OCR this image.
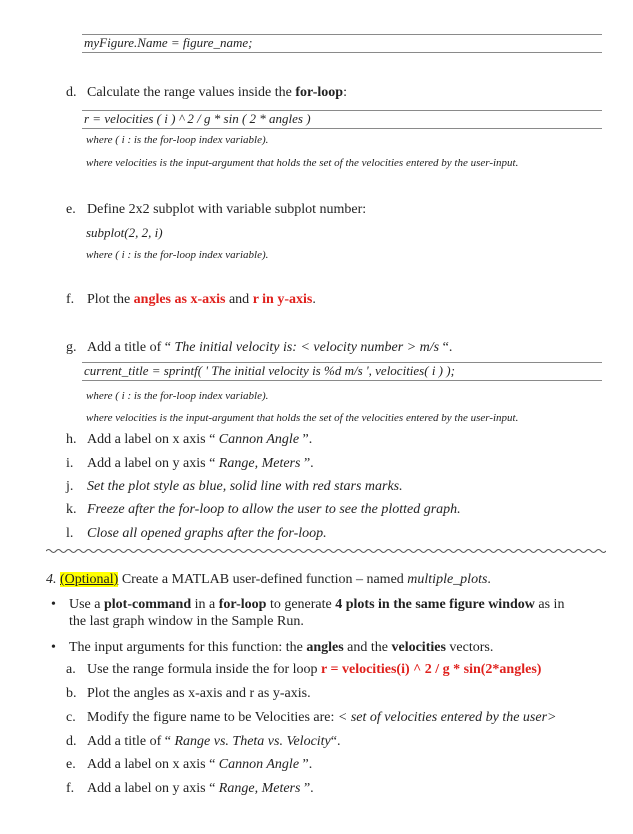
myFigure.Name = figure_name;
d. Calculate the range values inside the for-loop:
r = velocities ( i ) ^ 2 / g * sin ( 2 * angles )
where ( i : is the for-loop index variable).
where velocities is the input-argument that holds the set of the velocities entered by the user-input.
e. Define 2x2 subplot with variable subplot number:
subplot(2, 2, i)
where ( i : is the for-loop index variable).
f. Plot the angles as x-axis and r in y-axis.
g. Add a title of “ The initial velocity is: < velocity number > m/s “.
current_title = sprintf( ' The initial velocity is %d m/s ', velocities( i ) );
where ( i : is the for-loop index variable).
where velocities is the input-argument that holds the set of the velocities entered by the user-input.
h. Add a label on x axis “ Cannon Angle ”.
i. Add a label on y axis “ Range, Meters ”.
j. Set the plot style as blue, solid line with red stars marks.
k. Freeze after the for-loop to allow the user to see the plotted graph.
l. Close all opened graphs after the for-loop.
4. (Optional) Create a MATLAB user-defined function – named multiple_plots.
• Use a plot-command in a for-loop to generate 4 plots in the same figure window as in
the last graph window in the Sample Run.
• The input arguments for this function: the angles and the velocities vectors.
a. Use the range formula inside the for loop r = velocities(i) ^ 2 / g * sin(2*angles)
b. Plot the angles as x-axis and r as y-axis.
c. Modify the figure name to be Velocities are: < set of velocities entered by the user>
d. Add a title of “ Range vs. Theta vs. Velocity“.
e. Add a label on x axis “ Cannon Angle ”.
f. Add a label on y axis “ Range, Meters ”.
